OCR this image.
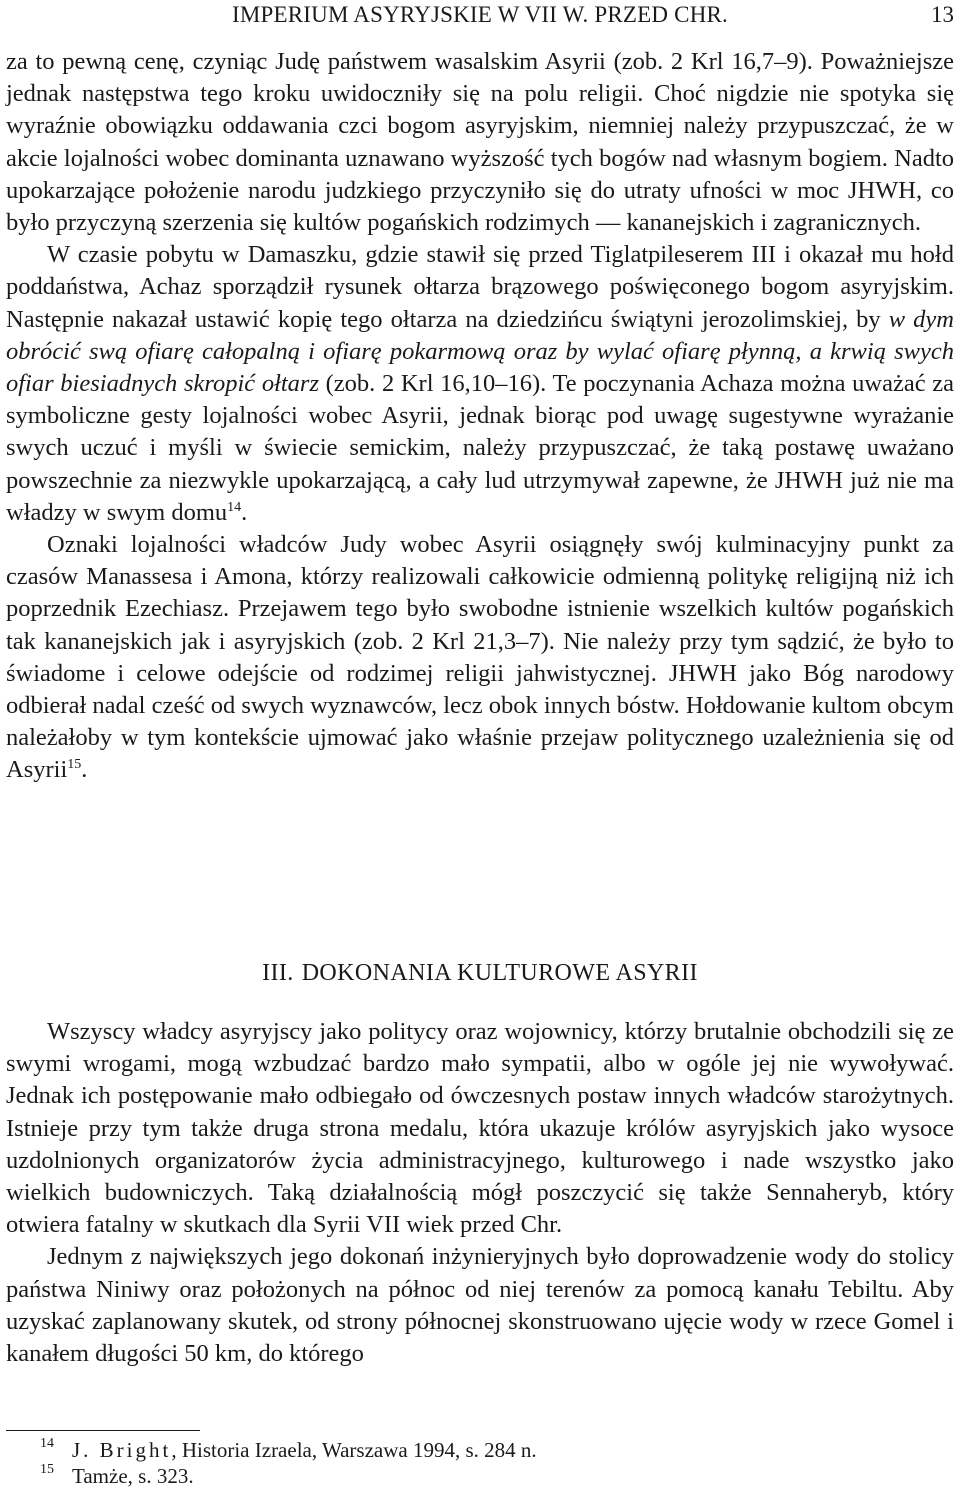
IMPERIUM ASYRYJSKIE W VII W. PRZED CHR.	13

za to pewną cenę, czyniąc Judę państwem wasalskim Asyrii (zob. 2 Krl 16,7–9). Poważniejsze jednak następstwa tego kroku uwidoczniły się na polu religii. Choć nigdzie nie spotyka się wyraźnie obowiązku oddawania czci bogom asyryjskim, niemniej należy przypuszczać, że w akcie lojalności wobec dominanta uznawano wyższość tych bogów nad własnym bogiem. Nadto upokarzające położenie narodu judzkiego przyczyniło się do utraty ufności w moc JHWH, co było przyczyną szerzenia się kultów pogańskich rodzimych — kananejskich i zagranicznych.

W czasie pobytu w Damaszku, gdzie stawił się przed Tiglatpileserem III i okazał mu hołd poddaństwa, Achaz sporządził rysunek ołtarza brązowego poświęconego bogom asyryjskim. Następnie nakazał ustawić kopię tego ołtarza na dziedzińcu świątyni jerozolimskiej, by w dym obrócić swą ofiarę całopalną i ofiarę pokarmową oraz by wylać ofiarę płynną, a krwią swych ofiar biesiadnych skropić ołtarz (zob. 2 Krl 16,10–16). Te poczynania Achaza można uważać za symboliczne gesty lojalności wobec Asyrii, jednak biorąc pod uwagę sugestywne wyrażanie swych uczuć i myśli w świecie semickim, należy przypuszczać, że taką postawę uważano powszechnie za niezwykle upokarzającą, a cały lud utrzymywał zapewne, że JHWH już nie ma władzy w swym domu$^{14}$.

Oznaki lojalności władców Judy wobec Asyrii osiągnęły swój kulminacyjny punkt za czasów Manassesa i Amona, którzy realizowali całkowicie odmienną politykę religijną niż ich poprzednik Ezechiasz. Przejawem tego było swobodne istnienie wszelkich kultów pogańskich tak kananejskich jak i asyryjskich (zob. 2 Krl 21,3–7). Nie należy przy tym sądzić, że było to świadome i celowe odejście od rodzimej religii jahwistycznej. JHWH jako Bóg narodowy odbierał nadal cześć od swych wyznawców, lecz obok innych bóstw. Hołdowanie kultom obcym należałoby w tym kontekście ujmować jako właśnie przejaw politycznego uzależnienia się od Asyrii$^{15}$.

III. DOKONANIA KULTUROWE ASYRII

Wszyscy władcy asyryjscy jako politycy oraz wojownicy, którzy brutalnie obchodzili się ze swymi wrogami, mogą wzbudzać bardzo mało sympatii, albo w ogóle jej nie wywoływać. Jednak ich postępowanie mało odbiegało od ówczesnych postaw innych władców starożytnych. Istnieje przy tym także druga strona medalu, która ukazuje królów asyryjskich jako wysoce uzdolnionych organizatorów życia administracyjnego, kulturowego i nade wszystko jako wielkich budowniczych. Taką działalnością mógł poszczycić się także Sennaheryb, który otwiera fatalny w skutkach dla Syrii VII wiek przed Chr.

Jednym z największych jego dokonań inżynieryjnych było doprowadzenie wody do stolicy państwa Niniwy oraz położonych na północ od niej terenów za pomocą kanału Tebiltu. Aby uzyskać zaplanowany skutek, od strony północnej skonstruowano ujęcie wody w rzece Gomel i kanałem długości 50 km, do którego

14 J. Bright, Historia Izraela, Warszawa 1994, s. 284 n.
15 Tamże, s. 323.
